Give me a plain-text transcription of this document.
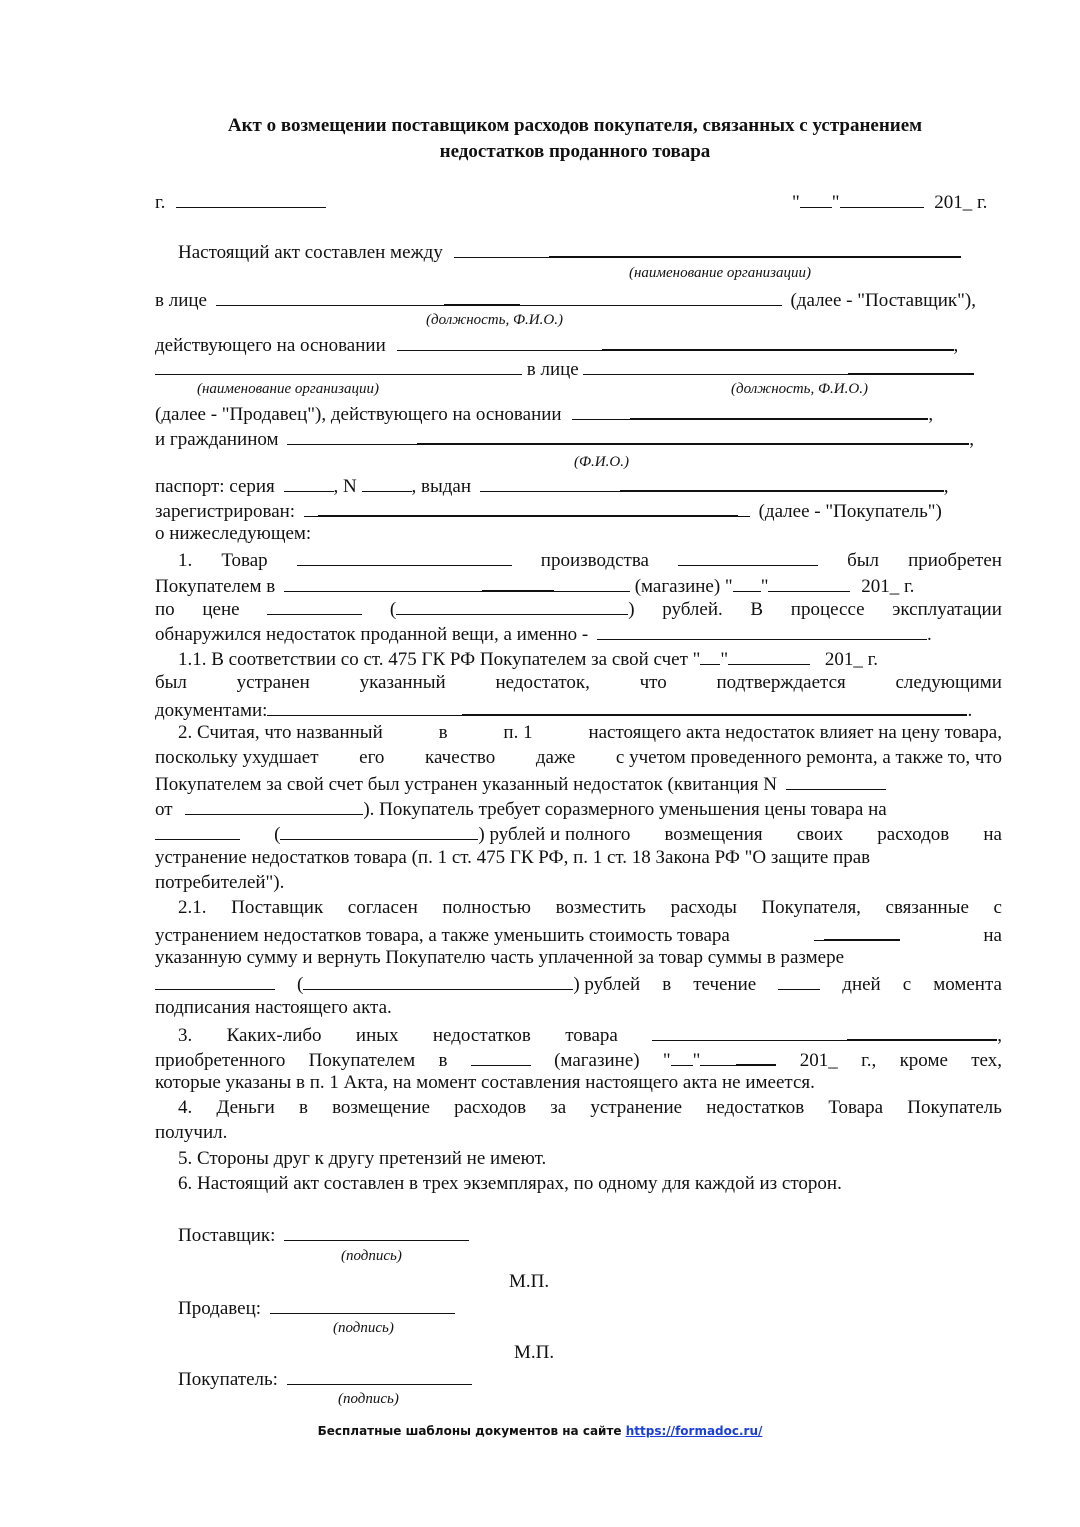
Акт о возмещении поставщиком расходов покупателя, связанных с устранением
недостатков проданного товара
г.	" "	201_ г.
Настоящий акт составлен между
(наименование организации)
в лице	(далее - "Поставщик"),
(должность, Ф.И.О.)
действующего на основании	,
в лице
(наименование организации)	(должность, Ф.И.О.)
(далее - "Продавец"), действующего на основании	,
и гражданином	,
(Ф.И.О.)
паспорт: серия	, N	, выдан	,
зарегистрирован:	(далее - "Покупатель")
о нижеследующем:
1. Товар	производства	был приобретен
Покупателем в	(магазине) " "	201_ г.
по цене	(	) рублей. В процессе эксплуатации
обнаружился недостаток проданной вещи, а именно -	.
1.1. В соответствии со ст. 475 ГК РФ Покупателем за свой счет " "	201_ г.
был	устранен	указанный	недостаток,	что	подтверждается	следующими
документами:	.
2. Считая, что названный	в	п. 1	настоящего акта недостаток влияет на цену товара,
поскольку ухудшает его качество даже с учетом проведенного ремонта, а также то, что
Покупателем за свой счет был устранен указанный недостаток (квитанция N
от	). Покупатель требует соразмерного уменьшения цены товара на
(	) рублей и полного возмещения своих расходов на
устранение недостатков товара (п. 1 ст. 475 ГК РФ, п. 1 ст. 18 Закона РФ "О защите прав
потребителей").
2.1. Поставщик согласен полностью возместить расходы Покупателя, связанные с
устранением недостатков товара, а также уменьшить стоимость товара	на
указанную сумму и вернуть Покупателю часть уплаченной за товар суммы в размере
(	) рублей в течение	дней с момента
подписания настоящего акта.
3. Каких-либо иных недостатков товара	,
приобретенного Покупателем в	(магазине) " "	201_ г., кроме тех,
которые указаны в п. 1 Акта, на момент составления настоящего акта не имеется.
4. Деньги в возмещение расходов за устранение недостатков Товара Покупатель
получил.
5. Стороны друг к другу претензий не имеют.
6. Настоящий акт составлен в трех экземплярах, по одному для каждой из сторон.
Поставщик:
(подпись)
М.П.
Продавец:
(подпись)
М.П.
Покупатель:
(подпись)
Бесплатные шаблоны документов на сайте https://formadoc.ru/
